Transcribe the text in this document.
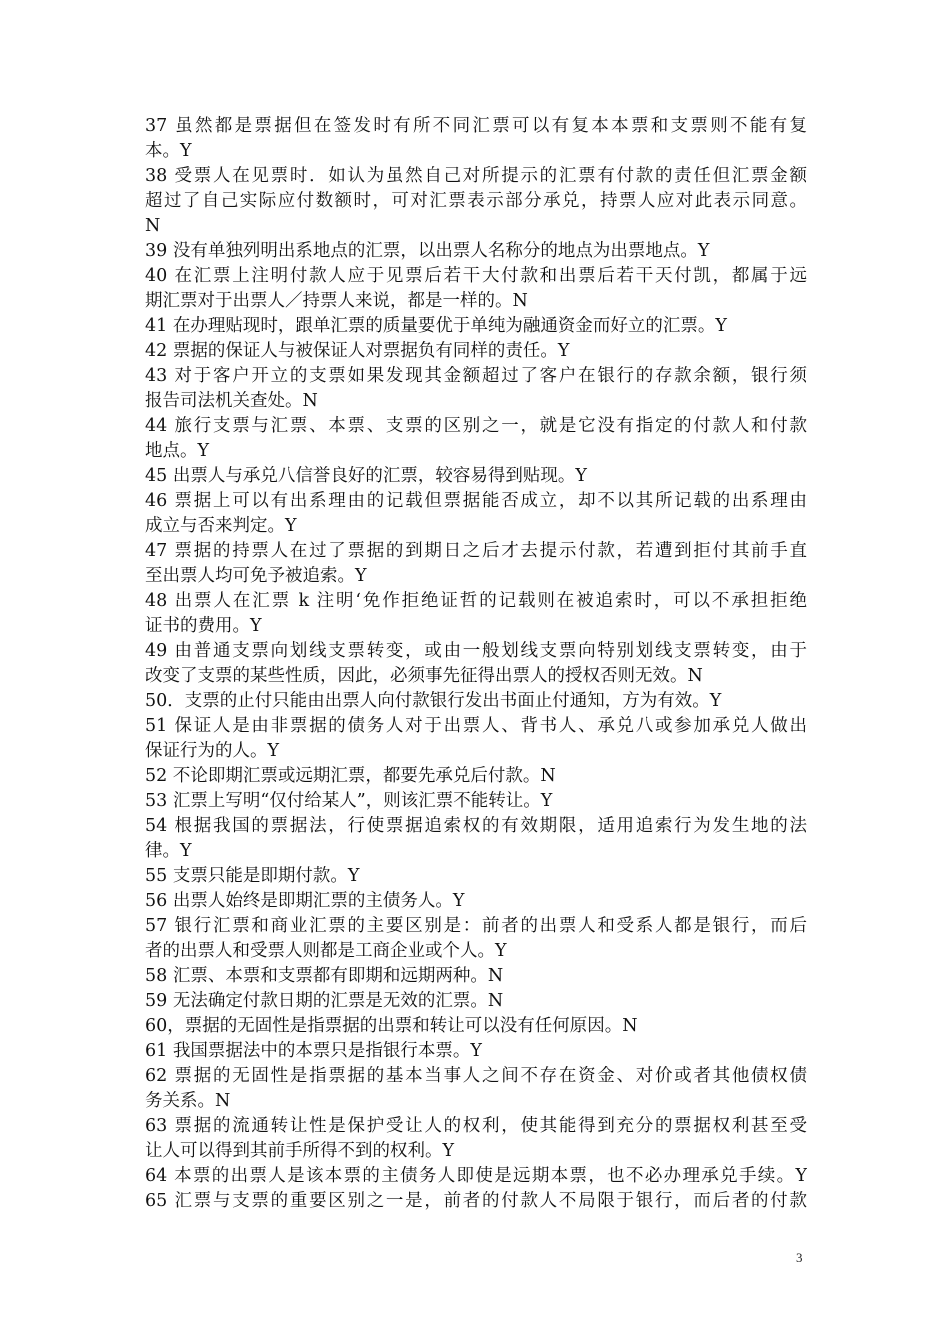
37 虽然都是票据但在签发时有所不同汇票可以有复本本票和支票则不能有复
本。Y
38 受票人在见票时．如认为虽然自己对所提示的汇票有付款的责任但汇票金额
超过了自己实际应付数额时，可对汇票表示部分承兑，持票人应对此表示同意。
N
39 没有单独列明出系地点的汇票，以出票人名称分的地点为出票地点。Y
40 在汇票上注明付款人应于见票后若干大付款和出票后若干天付凯，都属于远
期汇票对于出票人／持票人来说，都是一样的。N
41 在办理贴现时，跟单汇票的质量要优于单纯为融通资金而好立的汇票。Y
42 票据的保证人与被保证人对票据负有同样的责任。Y
43 对于客户开立的支票如果发现其金额超过了客户在银行的存款余额，银行须
报告司法机关查处。N
44 旅行支票与汇票、本票、支票的区别之一，就是它没有指定的付款人和付款
地点。Y
45 出票人与承兑八信誉良好的汇票，较容易得到贴现。Y
46 票据上可以有出系理由的记载但票据能否成立，却不以其所记载的出系理由
成立与否来判定。Y
47 票据的持票人在过了票据的到期日之后才去提示付款，若遭到拒付其前手直
至出票人均可免予被追索。Y
48 出票人在汇票 k 注明‘免作拒绝证哲的记载则在被追索时，可以不承担拒绝
证书的费用。Y
49 由普通支票向划线支票转变，或由一般划线支票向特别划线支票转变，由于
改变了支票的某些性质，因此，必须事先征得出票人的授权否则无效。N
50．支票的止付只能由出票人向付款银行发出书面止付通知，方为有效。Y
51 保证人是由非票据的债务人对于出票人、背书人、承兑八或参加承兑人做出
保证行为的人。Y
52 不论即期汇票或远期汇票，都要先承兑后付款。N
53 汇票上写明“仅付给某人”，则该汇票不能转让。Y
54 根据我国的票据法，行使票据追索权的有效期限，适用追索行为发生地的法
律。Y
55 支票只能是即期付款。Y
56 出票人始终是即期汇票的主债务人。Y
57 银行汇票和商业汇票的主要区别是：前者的出票人和受系人都是银行，而后
者的出票人和受票人则都是工商企业或个人。Y
58 汇票、本票和支票都有即期和远期两种。N
59 无法确定付款日期的汇票是无效的汇票。N
60，票据的无固性是指票据的出票和转让可以没有任何原因。N
61 我国票据法中的本票只是指银行本票。Y
62 票据的无固性是指票据的基本当事人之间不存在资金、对价或者其他债权债
务关系。N
63 票据的流通转让性是保护受让人的权利，使其能得到充分的票据权利甚至受
让人可以得到其前手所得不到的权利。Y
64 本票的出票人是该本票的主债务人即使是远期本票，也不必办理承兑手续。Y
65 汇票与支票的重要区别之一是，前者的付款人不局限于银行，而后者的付款
3
